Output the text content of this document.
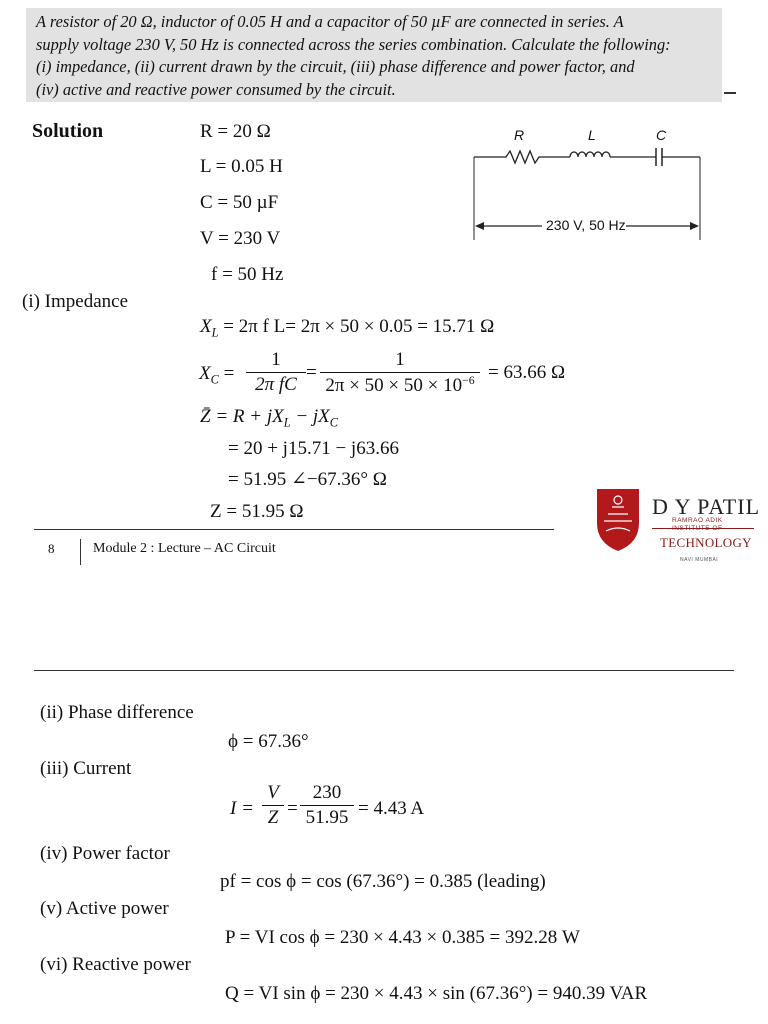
A resistor of 20 Ω, inductor of 0.05 H and a capacitor of 50 µF are connected in series. A
supply voltage 230 V, 50 Hz is connected across the series combination. Calculate the following:
(i) impedance, (ii) current drawn by the circuit, (iii) phase difference and power factor, and
(iv) active and reactive power consumed by the circuit.
Solution	R = 20 Ω
L = 0.05 H
C = 50 µF
V = 230 V
f = 50 Hz
R	L	C
230 V, 50 Hz
(i) Impedance
$X_L = 2\pi$ f L= 2π × 50 × 0.05 = 15.71 Ω
$X_C = \frac{1}{\text{2π fC}} = \frac{1}{2\pi \times 50 \times 50 \times 10^{-6}} = 63.66$ Ω
Z̄ = $R + jX_L - jX_C$
= 20 + j15.71 − j63.66
= 51.95 ∠−67.36° Ω
Z = 51.95 Ω	D Y PATIL
RAMRAO ADIK
INSTITUTE OF
TECHNOLOGY
NAVI MUMBAI
8	Module 2 : Lecture – AC Circuit
(ii) Phase difference
ϕ = 67.36°
(iii) Current
$I = \frac{V}{Z} = \frac{230}{51.95} = 4.43$ A
(iv) Power factor
pf = cos ϕ = cos (67.36°) = 0.385 (leading)
(v) Active power
P = VI cos ϕ = 230 × 4.43 × 0.385 = 392.28 W
(vi) Reactive power
Q = VI sin ϕ = 230 × 4.43 × sin (67.36°) = 940.39 VAR
